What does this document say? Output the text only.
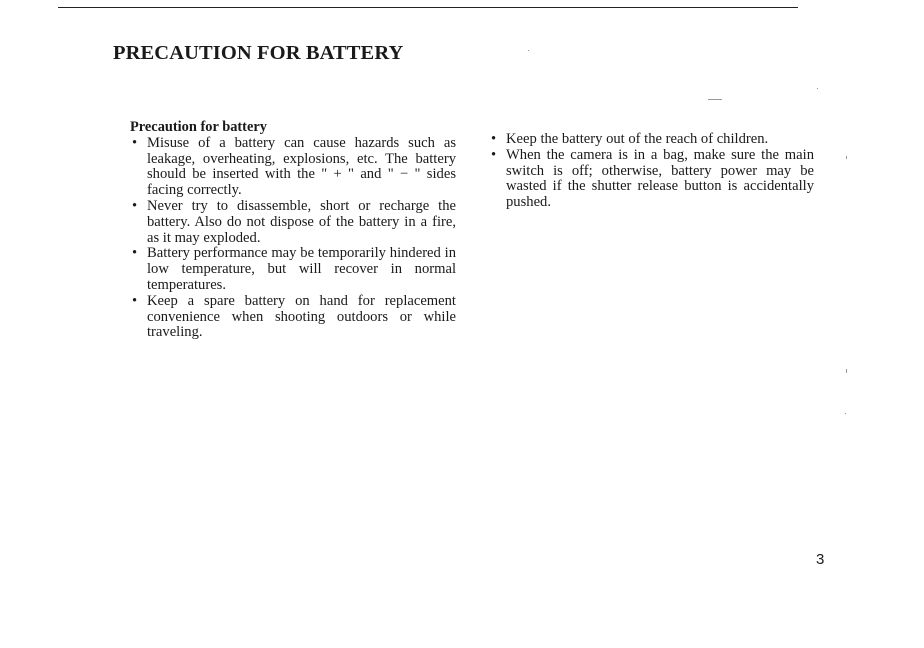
PRECAUTION FOR BATTERY

Precaution for battery

• Misuse of a battery can cause hazards such as leakage, overheating, explosions, etc. The battery should be inserted with the " + " and " − " sides facing correctly.
• Never try to disassemble, short or recharge the battery. Also do not dispose of the battery in a fire, as it may exploded.
• Battery performance may be temporarily hindered in low temperature, but will recover in normal temperatures.
• Keep a spare battery on hand for replacement convenience when shooting outdoors or while traveling.
• Keep the battery out of the reach of children.
• When the camera is in a bag, make sure the main switch is off; otherwise, battery power may be wasted if the shutter release button is accidentally pushed.
3
